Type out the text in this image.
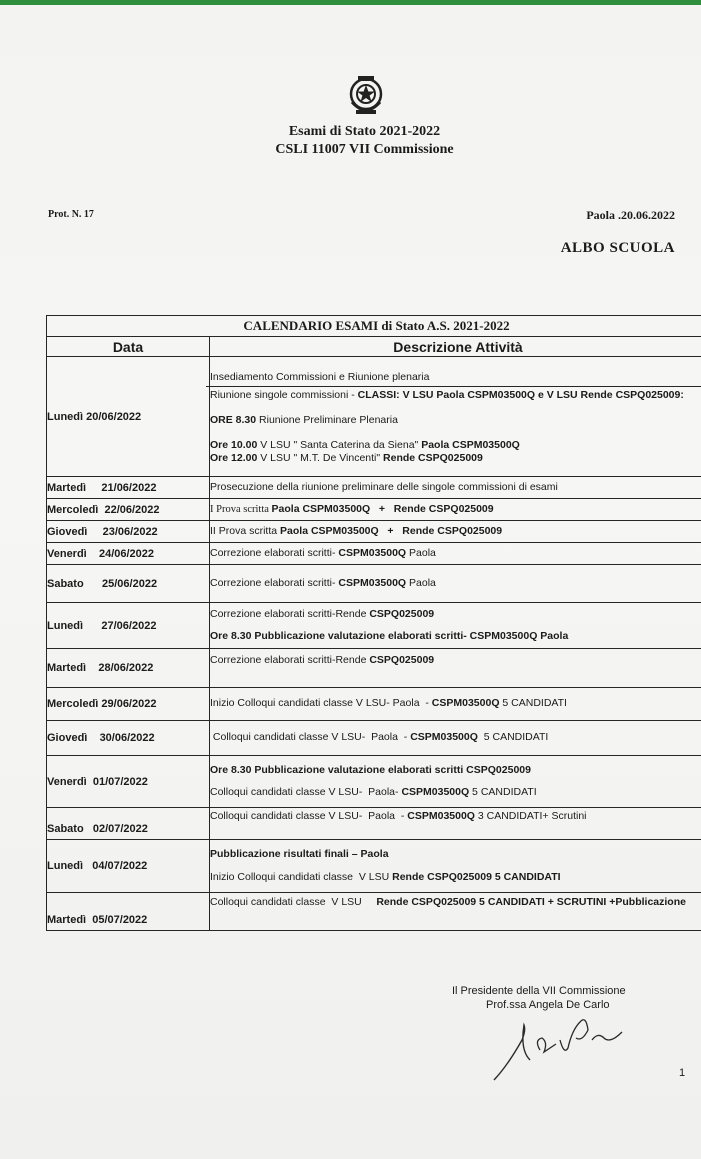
Esami di Stato 2021-2022
CSLI 11007 VII Commissione
Prot. N. 17	Paola .20.06.2022
ALBO SCUOLA
CALENDARIO ESAMI di Stato A.S. 2021-2022	
Data	Descrizione Attività
Lunedì 20/06/2022	Insediamento Commissioni e Riunione plenaria
Riunione singole commissioni - CLASSI: V LSU Paola CSPM03500Q e V LSU Rende CSPQ025009:
ORE 8.30 Riunione Preliminare Plenaria
Ore 10.00 V LSU " Santa Caterina da Siena" Paola CSPM03500Q
Ore 12.00 V LSU " M.T. De Vincenti" Rende CSPQ025009

Martedì     21/06/2022	Prosecuzione della riunione preliminare delle singole commissioni di esami
Mercoledì  22/06/2022	I Prova scritta Paola CSPM03500Q   +   Rende CSPQ025009
Giovedì     23/06/2022	II Prova scritta Paola CSPM03500Q   +   Rende CSPQ025009
Venerdì    24/06/2022	Correzione elaborati scritti- CSPM03500Q Paola
Sabato      25/06/2022	Correzione elaborati scritti- CSPM03500Q Paola
Lunedì      27/06/2022	Correzione elaborati scritti-Rende CSPQ025009
Ore 8.30 Pubblicazione valutazione elaborati scritti- CSPM03500Q Paola

Martedì    28/06/2022	Correzione elaborati scritti-Rende CSPQ025009
Mercoledì 29/06/2022	Inizio Colloqui candidati classe V LSU- Paola  - CSPM03500Q 5 CANDIDATI
Giovedì    30/06/2022	Colloqui candidati classe V LSU-  Paola  - CSPM03500Q  5 CANDIDATI
Venerdì  01/07/2022	Ore 8.30 Pubblicazione valutazione elaborati scritti CSPQ025009
Colloqui candidati classe V LSU-  Paola- CSPM03500Q 5 CANDIDATI

Sabato   02/07/2022	Colloqui candidati classe V LSU-  Paola  - CSPM03500Q 3 CANDIDATI+ Scrutini
Lunedì   04/07/2022	Pubblicazione risultati finali – Paola
Inizio Colloqui candidati classe  V LSU Rende CSPQ025009 5 CANDIDATI

Martedì  05/07/2022	Colloqui candidati classe  V LSU     Rende CSPQ025009 5 CANDIDATI + SCRUTINI +Pubblicazione
Il Presidente della VII Commissione
Prof.ssa Angela De Carlo
1
